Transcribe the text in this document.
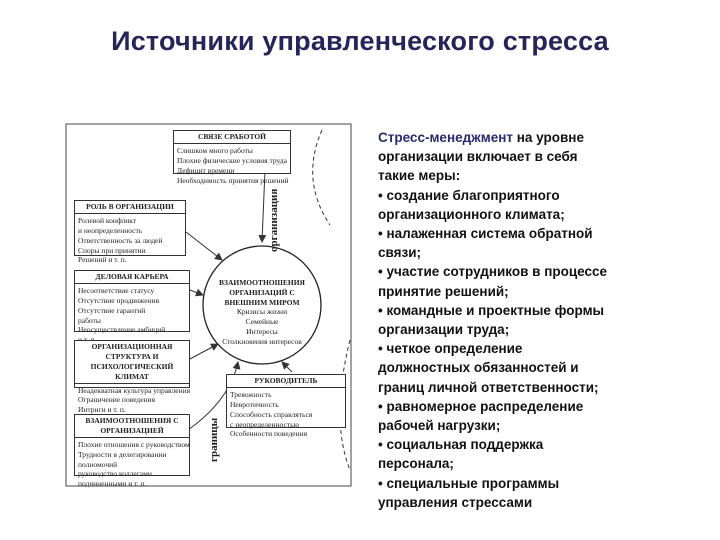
Источники управленческого стресса
СВЯЗЕ СРАБОТОЙ
Слишком много работы
Плохие физические условия труда
Дефицит времени
Необходимость принятия решений
РОЛЬ В ОРГАНИЗАЦИИ
Ролевой конфликт
и неопределенность
Ответственность за людей
Споры при принятии
Решений и т. п.
ДЕЛОВАЯ КАРЬЕРА
Несоответствие статусу
Отсутствие продвижения
Отсутствие гарантий
работы
Неосуществление амбиций
ОРГАНИЗАЦИОННАЯ СТРУКТУРА И ПСИХОЛОГИЧЕСКИЙ КЛИМАТ
Неадекватная культура управления
Ограничение поведения
Интриги и т. п.
ВЗАИМООТНОШЕНИЯ С ОРГАНИЗАЦИЕЙ
Плохие отношения с руководством
Трудности в делегировании
полномочий
руководство коллегами
подчиненными и т. п.
РУКОВОДИТЕЛЬ
Тревожность
Невротичность
Способность справляться
с неопределенностью
Особенности поведения
ВЗАИМООТНОШЕНИЯ
ОРГАНИЗАЦИЙ С
ВНЕШНИМ МИРОМ
Кризисы жизни
Семейные
Интересы
Столкновения интересов
организация
границы
Стресс-менеджмент на уровне
организации включает в себя
такие меры:
• создание благоприятного
организационного климата;
• налаженная система обратной
связи;
• участие сотрудников в процессе
принятие решений;
• командные и проектные формы
организации труда;
• четкое определение
должностных обязанностей и
границ личной ответственности;
• равномерное распределение
рабочей нагрузки;
• социальная поддержка
персонала;
• специальные программы
управления стрессами
